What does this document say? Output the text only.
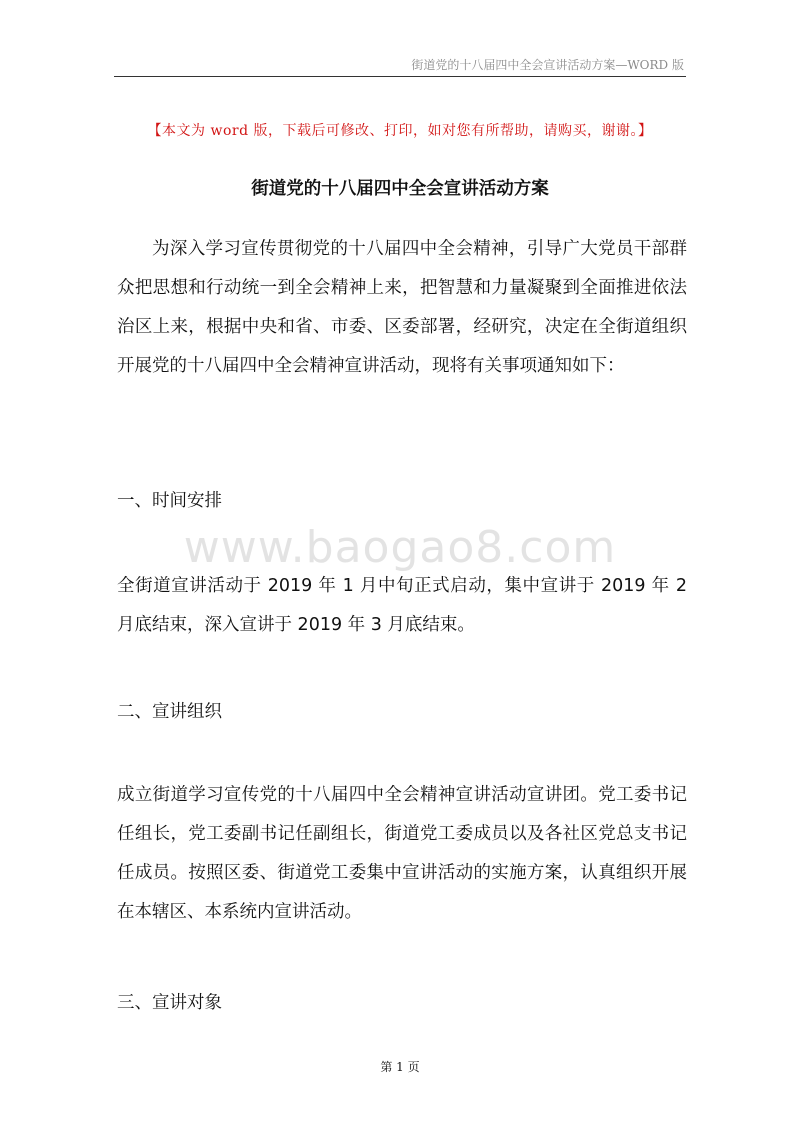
街道党的十八届四中全会宣讲活动方案—WORD 版
【本文为 word 版，下载后可修改、打印，如对您有所帮助，请购买，谢谢。】
街道党的十八届四中全会宣讲活动方案

为深入学习宣传贯彻党的十八届四中全会精神，引导广大党员干部群众把思想和行动统一到全会精神上来，把智慧和力量凝聚到全面推进依法治区上来，根据中央和省、市委、区委部署，经研究，决定在全街道组织开展党的十八届四中全会精神宣讲活动，现将有关事项通知如下：

一、时间安排
www.baogao8.com

全街道宣讲活动于 2019 年 1 月中旬正式启动，集中宣讲于 2019 年 2 月底结束，深入宣讲于 2019 年 3 月底结束。

二、宣讲组织

成立街道学习宣传党的十八届四中全会精神宣讲活动宣讲团。党工委书记任组长，党工委副书记任副组长，街道党工委成员以及各社区党总支书记任成员。按照区委、街道党工委集中宣讲活动的实施方案，认真组织开展在本辖区、本系统内宣讲活动。

三、宣讲对象
第 1 页
